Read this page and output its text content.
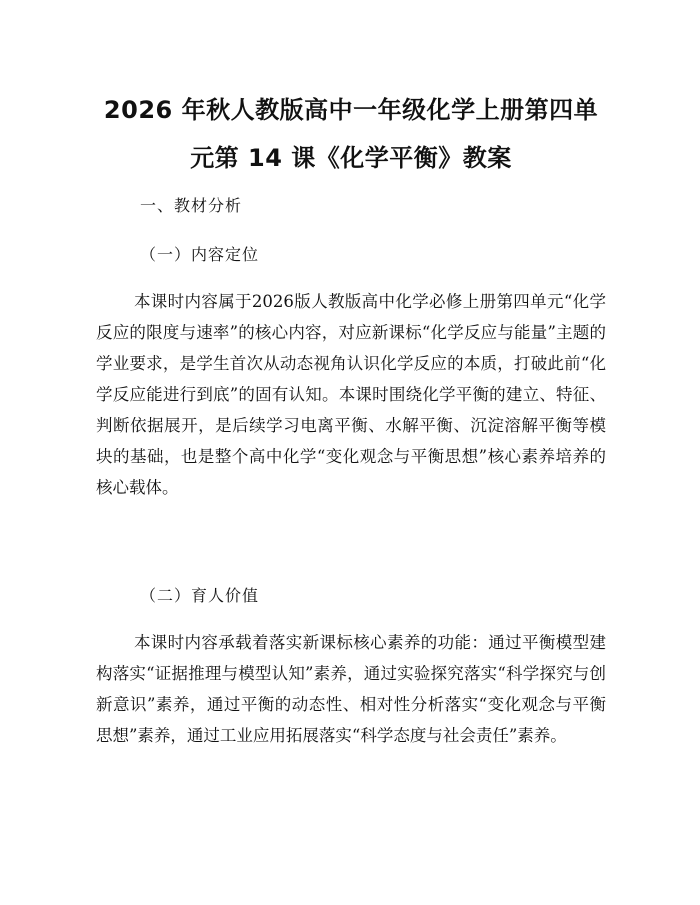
2026 年秋人教版高中一年级化学上册第四单
元第 14 课《化学平衡》教案

一、教材分析

（一）内容定位

本课时内容属于2026版人教版高中化学必修上册第四单元“化学反应的限度与速率”的核心内容，对应新课标“化学反应与能量”主题的学业要求，是学生首次从动态视角认识化学反应的本质，打破此前“化学反应能进行到底”的固有认知。本课时围绕化学平衡的建立、特征、判断依据展开，是后续学习电离平衡、水解平衡、沉淀溶解平衡等模块的基础，也是整个高中化学“变化观念与平衡思想”核心素养培养的核心载体。

（二）育人价值

本课时内容承载着落实新课标核心素养的功能：通过平衡模型建构落实“证据推理与模型认知”素养，通过实验探究落实“科学探究与创新意识”素养，通过平衡的动态性、相对性分析落实“变化观念与平衡思想”素养，通过工业应用拓展落实“科学态度与社会责任”素养。
